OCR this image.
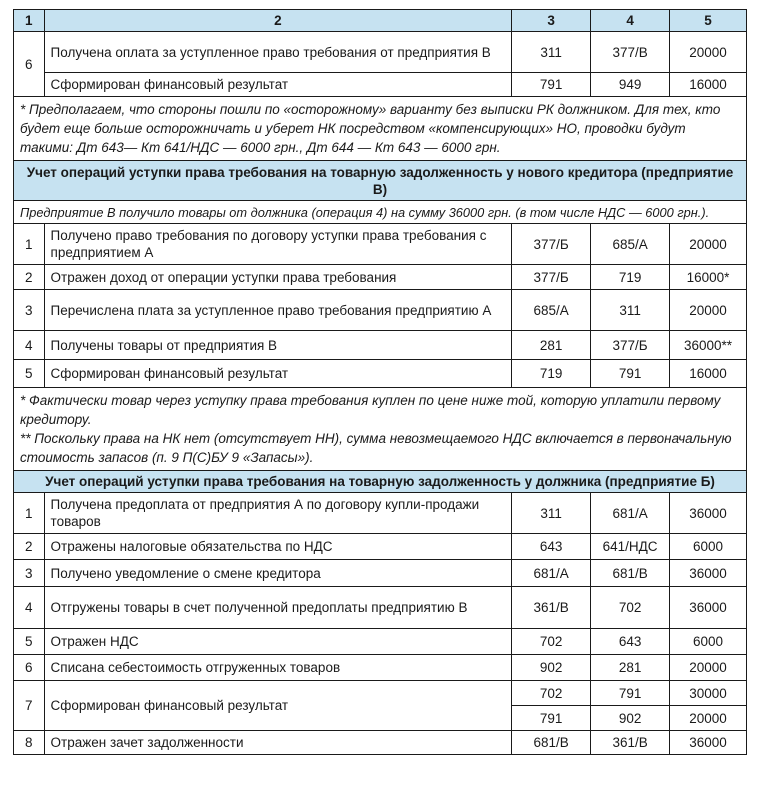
1	2	3	4	5
6	Получена оплата за уступленное право требования от предприятия В	311	377/В	20000
	Сформирован финансовый результат	791	949	16000
* Предполагаем, что стороны пошли по «осторожному» варианту без выписки РК должником. Для тех, кто будет еще больше осторожничать и уберет НК посредством «компенсирующих» НО, проводки будут такими: Дт 643— Кт 641/НДС — 6000 грн., Дт 644 — Кт 643 — 6000 грн.				
Учет операций уступки права требования на товарную задолженность у нового кредитора (предприятие В)				
Предприятие В получило товары от должника (операция 4) на сумму 36000 грн. (в том числе НДС — 6000 грн.).				
1	Получено право требования по договору уступки права требования с предприятием А	377/Б	685/А	20000
2	Отражен доход от операции уступки права требования	377/Б	719	16000*
3	Перечислена плата за уступленное право требования предприятию А	685/А	311	20000
4	Получены товары от предприятия В	281	377/Б	36000**
5	Сформирован финансовый результат	719	791	16000

* Фактически товар через уступку права требования куплен по цене ниже той, которую уплатили первому кредитору.
** Поскольку права на НК нет (отсутствует НН), сумма невозмещаемого НДС включается в первоначальную стоимость запасов (п. 9 П(С)БУ 9 «Запасы»).				

Учет операций уступки права требования на товарную задолженность у должника (предприятие Б)				
1	Получена предоплата от предприятия А по договору купли-продажи товаров	311	681/А	36000
2	Отражены налоговые обязательства по НДС	643	641/НДС	6000
3	Получено уведомление о смене кредитора	681/А	681/В	36000
4	Отгружены товары в счет полученной предоплаты предприятию В	361/В	702	36000
5	Отражен НДС	702	643	6000
6	Списана себестоимость отгруженных товаров	902	281	20000
7	Сформирован финансовый результат	702	791	30000
		791	902	20000
8	Отражен зачет задолженности	681/В	361/В	36000
